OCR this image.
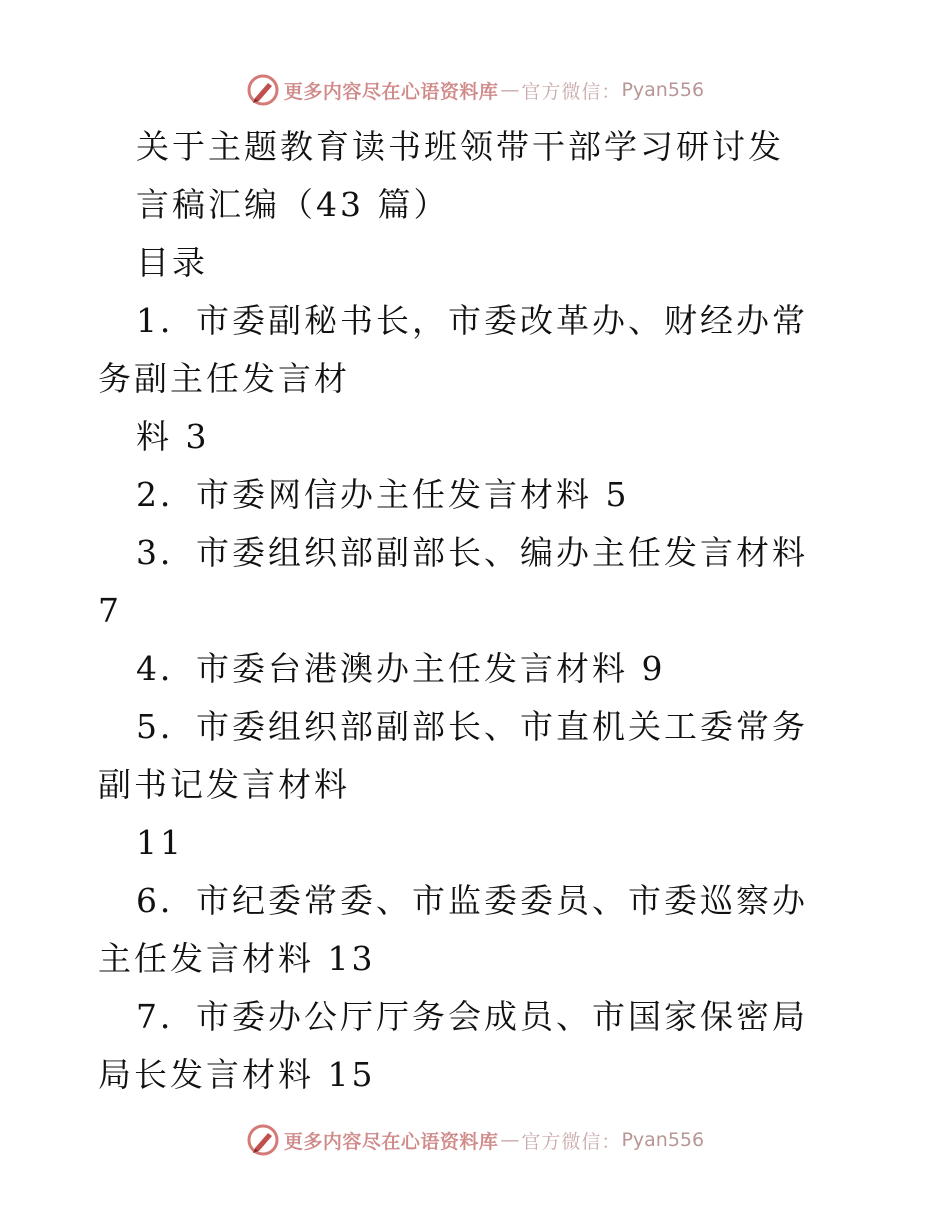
更多内容尽在心语资料库 — 官方微信： Pyan556

关于主题教育读书班领带干部学习研讨发

言稿汇编（43 篇）

目录

1．市委副秘书长，市委改革办、财经办常务副主任发言材

料 3

2．市委网信办主任发言材料 5

3．市委组织部副部长、编办主任发言材料 7

4．市委台港澳办主任发言材料 9

5．市委组织部副部长、市直机关工委常务副书记发言材料

11

6．市纪委常委、市监委委员、市委巡察办主任发言材料 13

7．市委办公厅厅务会成员、市国家保密局局长发言材料 15

更多内容尽在心语资料库 — 官方微信： Pyan556
